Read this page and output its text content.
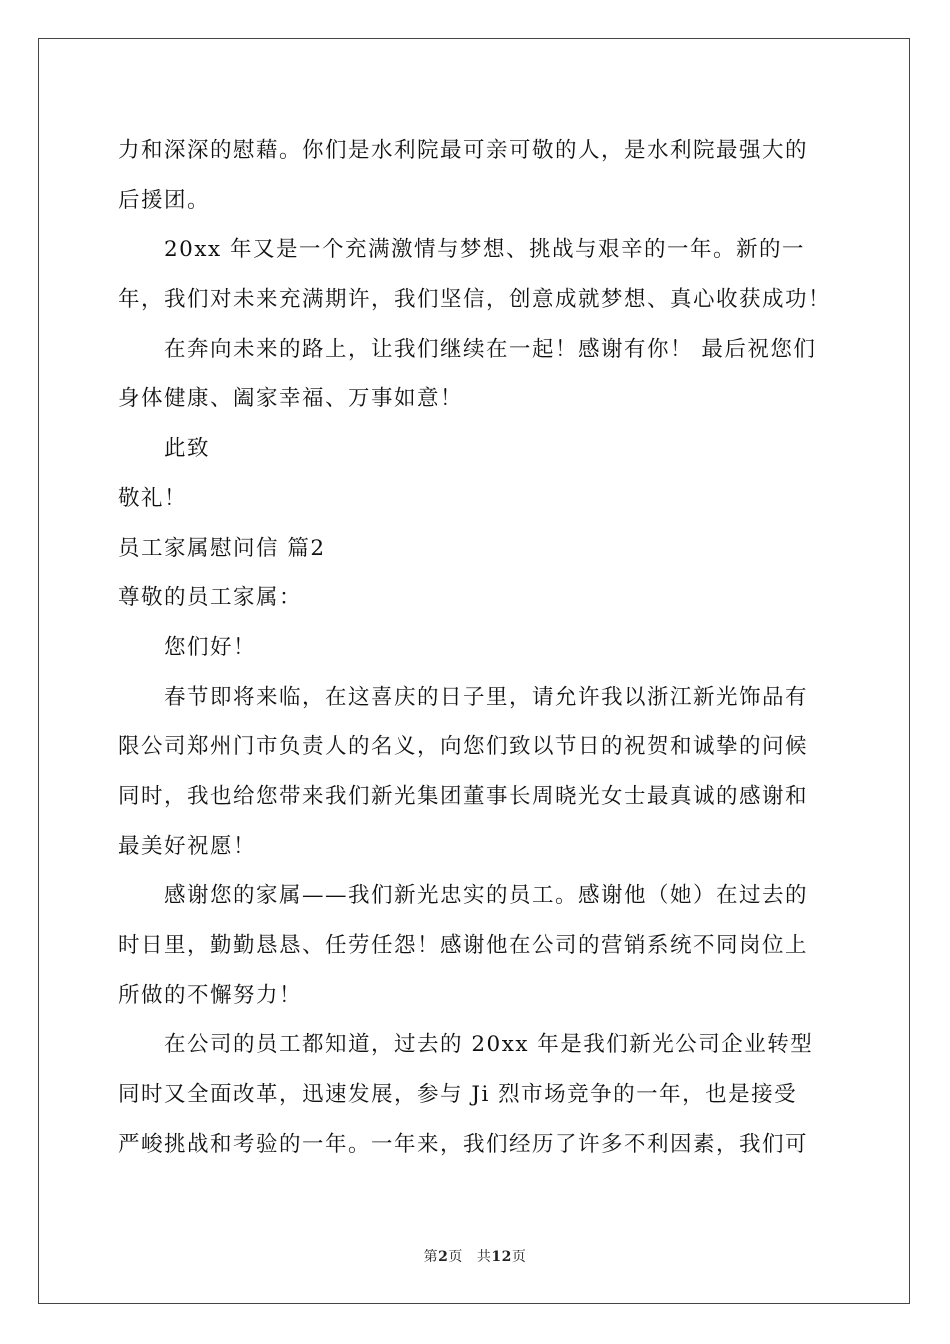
力和深深的慰藉。你们是水利院最可亲可敬的人，是水利院最强大的
后援团。
20xx 年又是一个充满激情与梦想、挑战与艰辛的一年。新的一
年，我们对未来充满期许，我们坚信，创意成就梦想、真心收获成功！
在奔向未来的路上，让我们继续在一起！感谢有你！ 最后祝您们
身体健康、阖家幸福、万事如意！
此致
敬礼！
员工家属慰问信 篇2
尊敬的员工家属：
您们好！
春节即将来临，在这喜庆的日子里，请允许我以浙江新光饰品有
限公司郑州门市负责人的名义，向您们致以节日的祝贺和诚挚的问候
同时，我也给您带来我们新光集团董事长周晓光女士最真诚的感谢和
最美好祝愿！
感谢您的家属——我们新光忠实的员工。感谢他（她）在过去的
时日里，勤勤恳恳、任劳任怨！感谢他在公司的营销系统不同岗位上
所做的不懈努力！
在公司的员工都知道，过去的 20xx 年是我们新光公司企业转型
同时又全面改革，迅速发展，参与 Ji 烈市场竞争的一年，也是接受
严峻挑战和考验的一年。一年来，我们经历了许多不利因素，我们可
第2页 共12页
